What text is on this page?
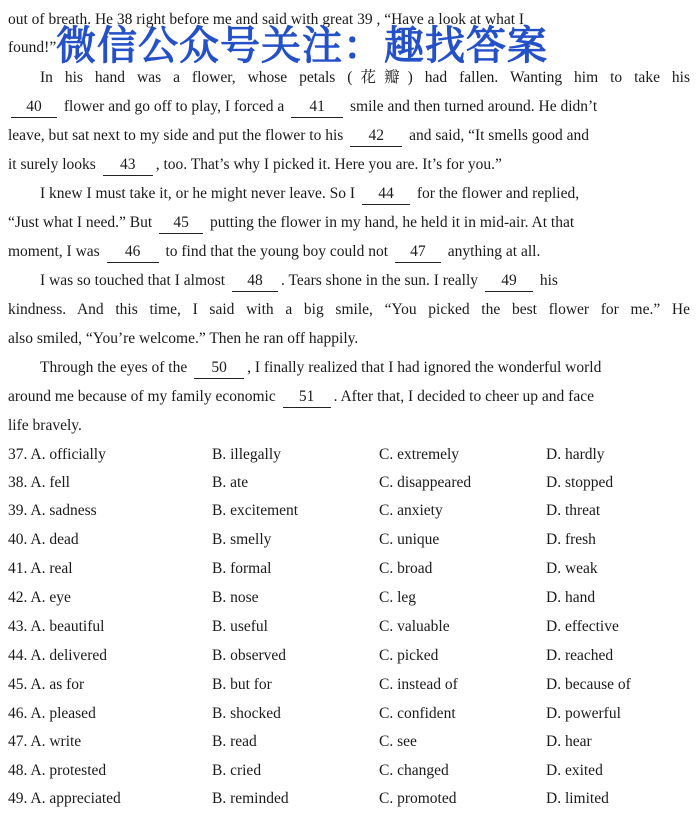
out of breath. He 38 right before me and said with great 39 , “Have a look at what I
found!” 微信公众号关注：趣找答案
In his hand was a flower, whose petals (花瓣) had fallen. Wanting him to take his
40 flower and go off to play, I forced a 41 smile and then turned around. He didn’t
leave, but sat next to my side and put the flower to his 42 and said, “It smells good and
it surely looks 43 , too. That’s why I picked it. Here you are. It’s for you.”
I knew I must take it, or he might never leave. So I 44 for the flower and replied,
“Just what I need.” But 45 putting the flower in my hand, he held it in mid-air. At that
moment, I was 46 to find that the young boy could not 47 anything at all.
I was so touched that I almost 48 . Tears shone in the sun. I really 49 his
kindness. And this time, I said with a big smile, “You picked the best flower for me.” He
also smiled, “You’re welcome.” Then he ran off happily.
Through the eyes of the 50 , I finally realized that I had ignored the wonderful world
around me because of my family economic 51 . After that, I decided to cheer up and face
life bravely.
37. A. officially	B. illegally	C. extremely	D. hardly
38. A. fell	B. ate	C. disappeared	D. stopped
39. A. sadness	B. excitement	C. anxiety	D. threat
40. A. dead	B. smelly	C. unique	D. fresh
41. A. real	B. formal	C. broad	D. weak
42. A. eye	B. nose	C. leg	D. hand
43. A. beautiful	B. useful	C. valuable	D. effective
44. A. delivered	B. observed	C. picked	D. reached
45. A. as for	B. but for	C. instead of	D. because of
46. A. pleased	B. shocked	C. confident	D. powerful
47. A. write	B. read	C. see	D. hear
48. A. protested	B. cried	C. changed	D. exited
49. A. appreciated	B. reminded	C. promoted	D. limited
